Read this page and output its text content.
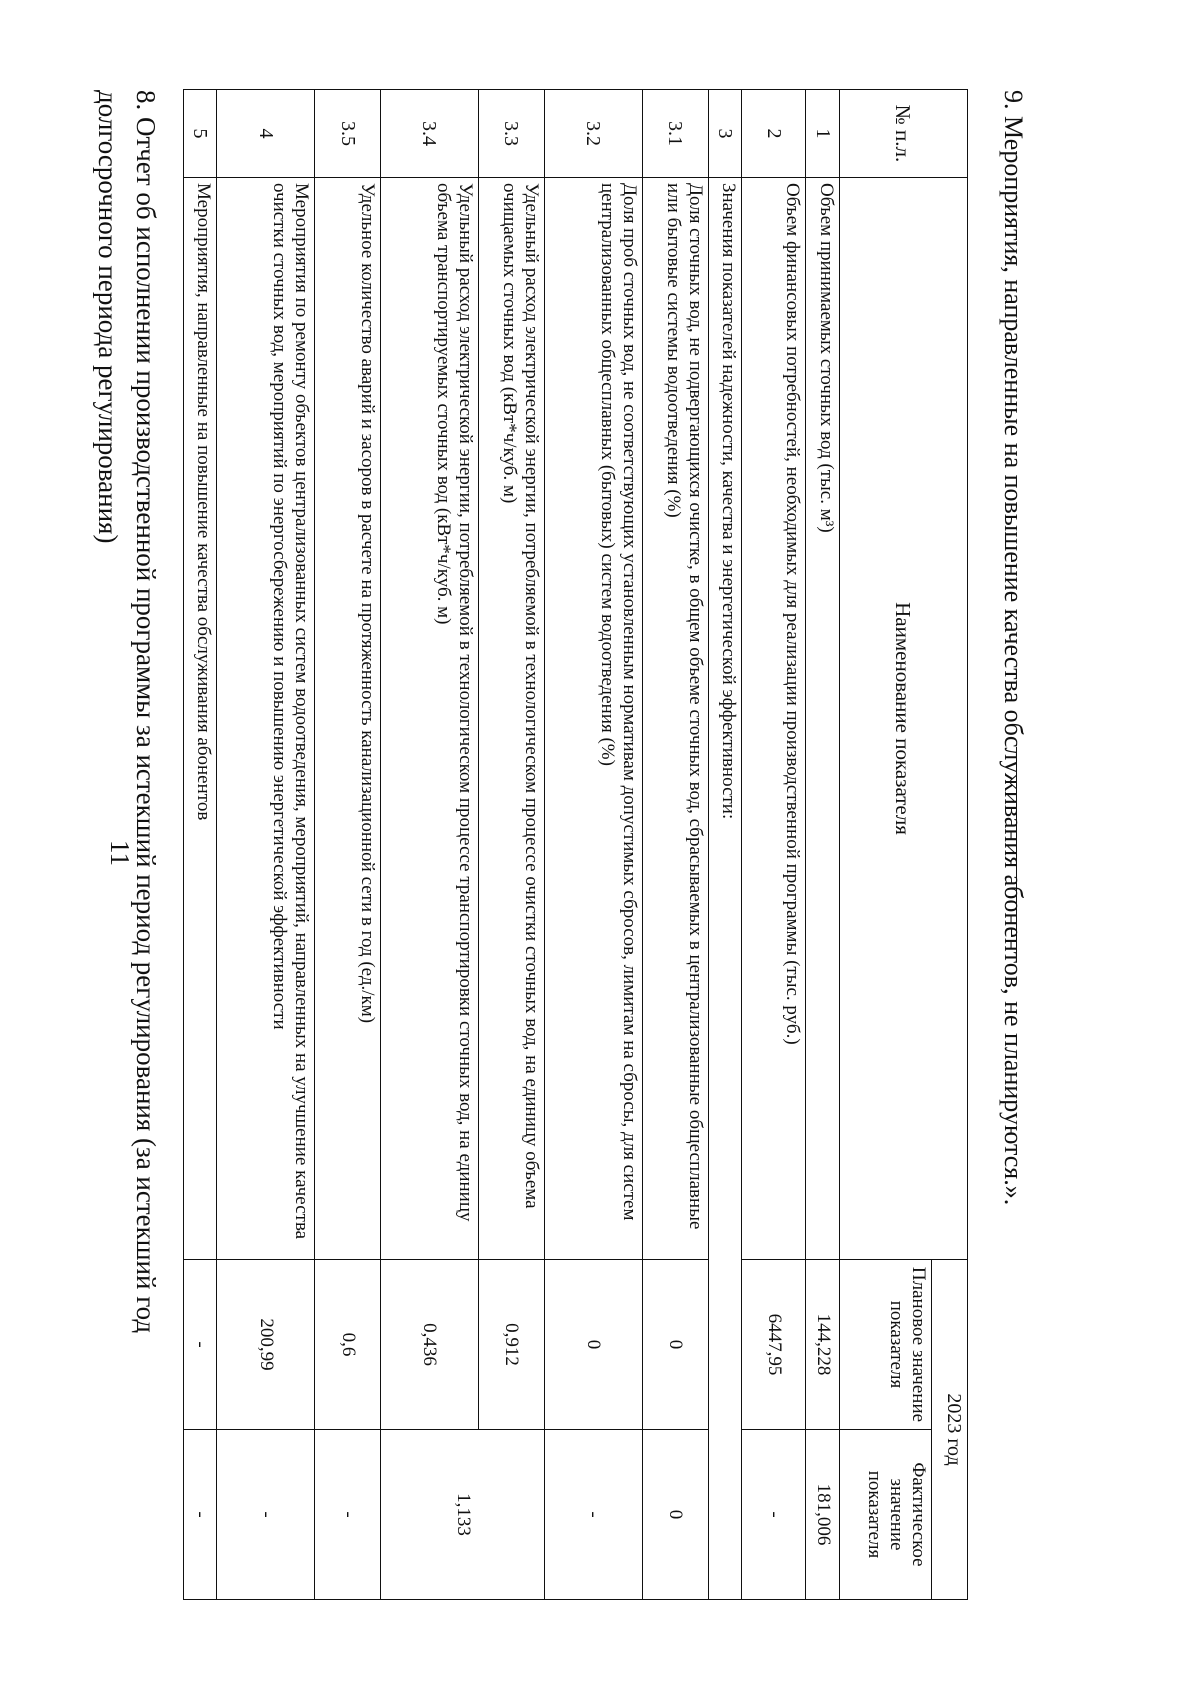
11
8. Отчет об исполнении производственной программы за истекший период регулирования (за истекший год
долгосрочного периода регулирования)	№ п.л.	Наименование показателя	2023 год	
		Плановое значение показателя	Фактическое значение показателя
1	Объем принимаемых сточных вод (тыс. м³)	144,228	181,006
2	Объем финансовых потребностей, необходимых для реализации производственной программы (тыс. руб.)	6447,95	-
3	Значения показателей надежности, качества и энергетической эффективности:		
3.1	Доля сточных вод, не подвергающихся очистке, в общем объеме сточных вод, сбрасываемых в централизованные общесплавные или бытовые системы водоотведения (%)	0	0
3.2	Доля проб сточных вод, не соответствующих установленным нормативам допустимых сбросов, лимитам на сбросы, для систем централизованных общесплавных (бытовых) систем водоотведения (%)	0	-
3.3	Удельный расход электрической энергии, потребляемой в технологическом процессе очистки сточных вод, на единицу объема очищаемых сточных вод (кВт*ч/куб. м)	0,912	1,133
3.4	Удельный расход электрической энергии, потребляемой в технологическом процессе транспортировки сточных вод, на единицу объема транспортируемых сточных вод (кВт*ч/куб. м)	0,436	
3.5	Удельное количество аварий и засоров в расчете на протяженность канализационной сети в год (ед./км)	0,6	-
4	Мероприятия по ремонту объектов централизованных систем водоотведения, мероприятий, направленных на улучшение качества очистки сточных вод, мероприятий по энергосбережению и повышению энергетической эффективности	200,99	-
5	Мероприятия, направленные на повышение качества обслуживания абонентов	-	-
9. Мероприятия, направленные на повышение качества обслуживания абонентов, не планируются.».
